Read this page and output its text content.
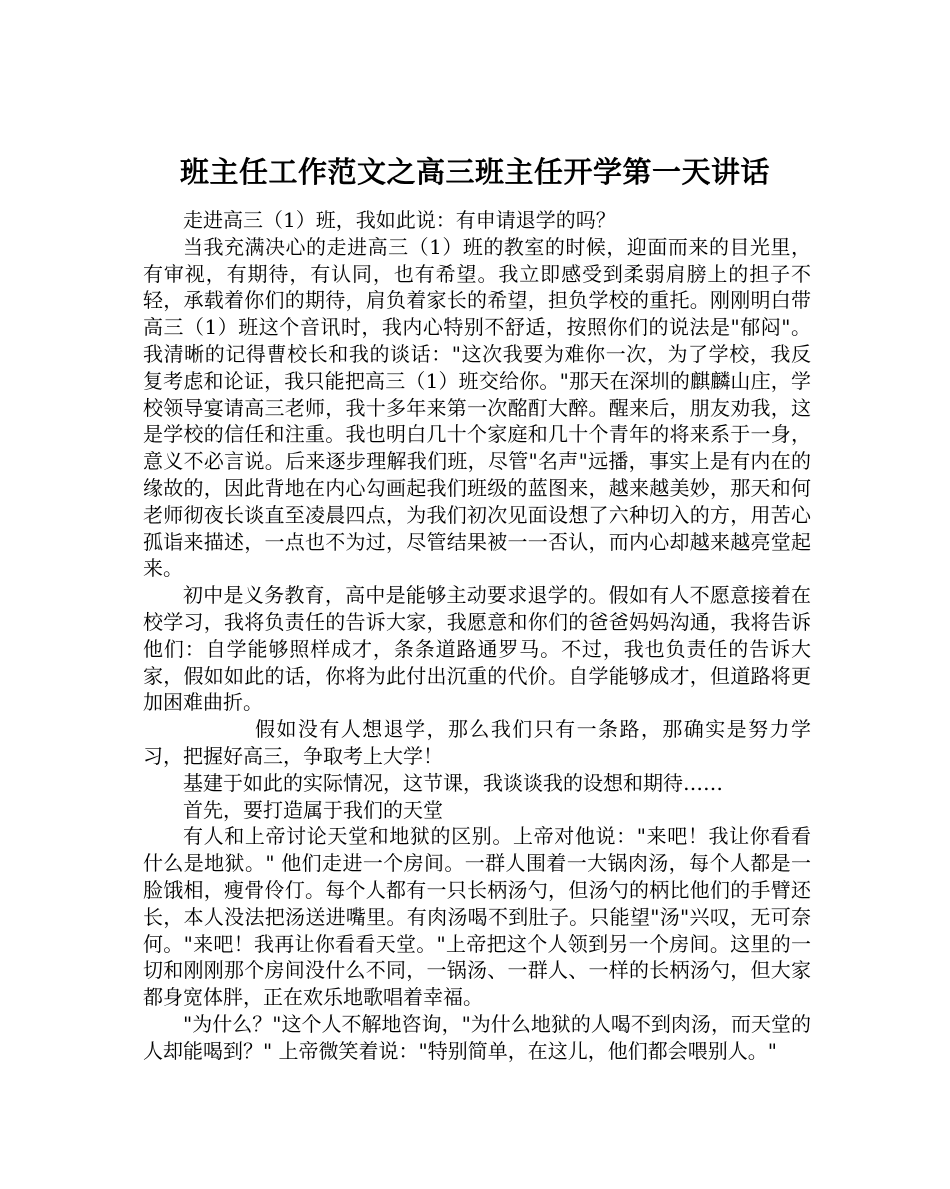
班主任工作范文之高三班主任开学第一天讲话

走进高三（1）班，我如此说：有申请退学的吗？

当我充满决心的走进高三（1）班的教室的时候，迎面而来的目光里，有审视，有期待，有认同，也有希望。我立即感受到柔弱肩膀上的担子不轻，承载着你们的期待，肩负着家长的希望，担负学校的重托。刚刚明白带高三（1）班这个音讯时，我内心特别不舒适，按照你们的说法是"郁闷"。我清晰的记得曹校长和我的谈话："这次我要为难你一次，为了学校，我反复考虑和论证，我只能把高三（1）班交给你。"那天在深圳的麒麟山庄，学校领导宴请高三老师，我十多年来第一次酩酊大醉。醒来后，朋友劝我，这是学校的信任和注重。我也明白几十个家庭和几十个青年的将来系于一身，意义不必言说。后来逐步理解我们班，尽管"名声"远播，事实上是有内在的缘故的，因此背地在内心勾画起我们班级的蓝图来，越来越美妙，那天和何老师彻夜长谈直至凌晨四点，为我们初次见面设想了六种切入的方，用苦心孤诣来描述，一点也不为过，尽管结果被一一否认，而内心却越来越亮堂起来。

初中是义务教育，高中是能够主动要求退学的。假如有人不愿意接着在校学习，我将负责任的告诉大家，我愿意和你们的爸爸妈妈沟通，我将告诉他们：自学能够照样成才，条条道路通罗马。不过，我也负责任的告诉大家，假如如此的话，你将为此付出沉重的代价。自学能够成才，但道路将更加困难曲折。

假如没有人想退学，那么我们只有一条路，那确实是努力学习，把握好高三，争取考上大学！

基建于如此的实际情况，这节课，我谈谈我的设想和期待……

首先，要打造属于我们的天堂

有人和上帝讨论天堂和地狱的区别。上帝对他说："来吧！我让你看看什么是地狱。" 他们走进一个房间。一群人围着一大锅肉汤，每个人都是一脸饿相，瘦骨伶仃。每个人都有一只长柄汤勺，但汤勺的柄比他们的手臂还长，本人没法把汤送进嘴里。有肉汤喝不到肚子。只能望"汤"兴叹，无可奈何。"来吧！我再让你看看天堂。"上帝把这个人领到另一个房间。这里的一切和刚刚那个房间没什么不同，一锅汤、一群人、一样的长柄汤勺，但大家都身宽体胖，正在欢乐地歌唱着幸福。

"为什么？"这个人不解地咨询，"为什么地狱的人喝不到肉汤，而天堂的人却能喝到？" 上帝微笑着说："特别简单，在这儿，他们都会喂别人。"
